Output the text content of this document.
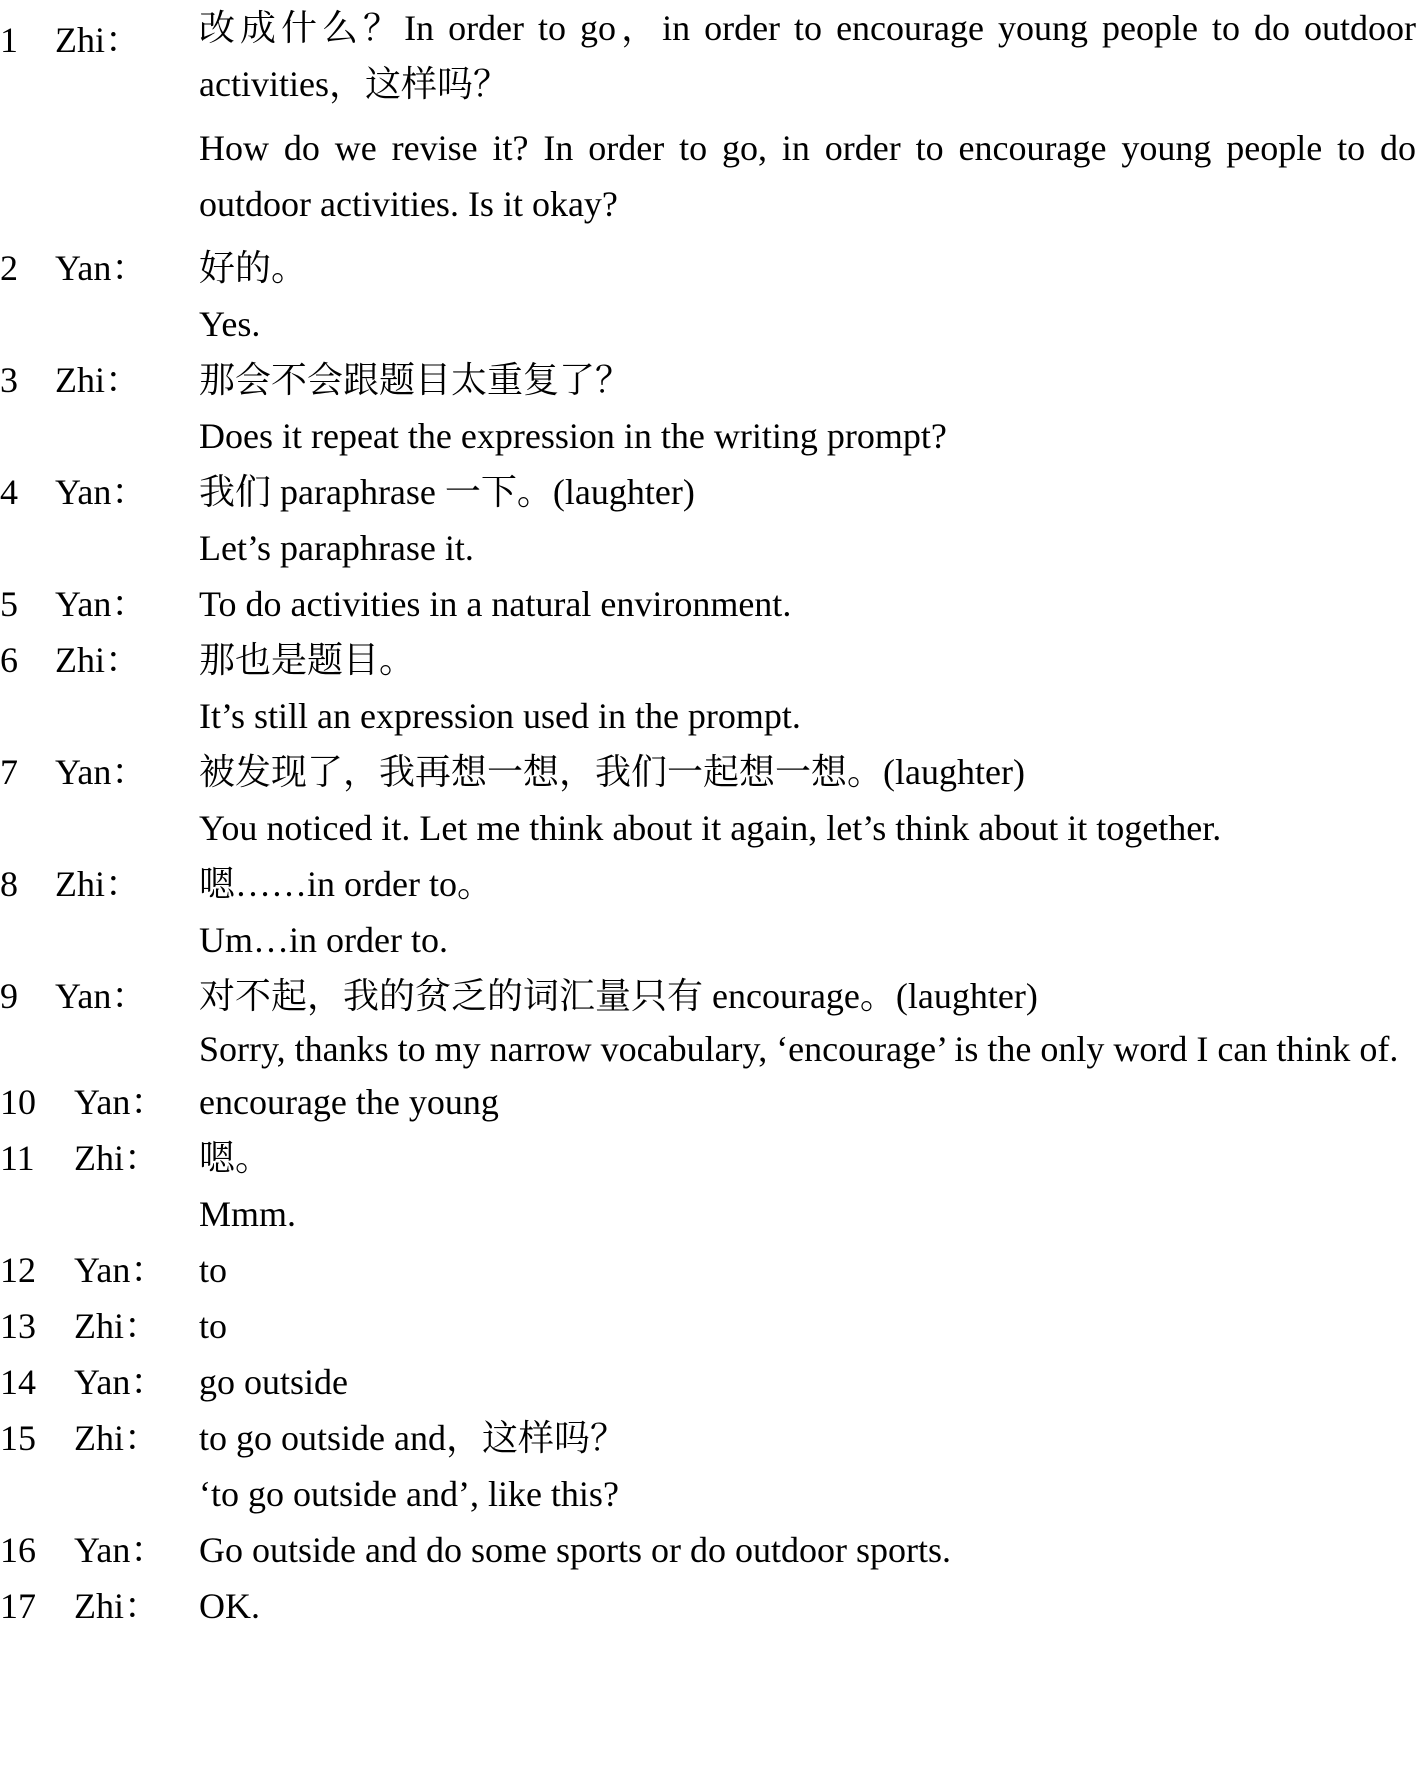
1 Zhi： 改成什么？In order to go，in order to encourage young people to do outdoor activities，这样吗？
How do we revise it? In order to go, in order to encourage young people to do outdoor activities. Is it okay?
2 Yan： 好的。
Yes.
3 Zhi： 那会不会跟题目太重复了？
Does it repeat the expression in the writing prompt?
4 Yan： 我们 paraphrase 一下。(laughter)
Let’s paraphrase it.
5 Yan： To do activities in a natural environment.
6 Zhi： 那也是题目。
It’s still an expression used in the prompt.
7 Yan： 被发现了，我再想一想，我们一起想一想。(laughter)
You noticed it. Let me think about it again, let’s think about it together.
8 Zhi： 嗯……in order to。
Um…in order to.
9 Yan： 对不起，我的贫乏的词汇量只有 encourage。(laughter)
Sorry, thanks to my narrow vocabulary, ‘encourage’ is the only word I can think of.
10 Yan： encourage the young
11 Zhi： 嗯。
Mmm.
12 Yan： to
13 Zhi： to
14 Yan： go outside
15 Zhi： to go outside and，这样吗？
‘to go outside and’, like this?
16 Yan： Go outside and do some sports or do outdoor sports.
17 Zhi： OK.
